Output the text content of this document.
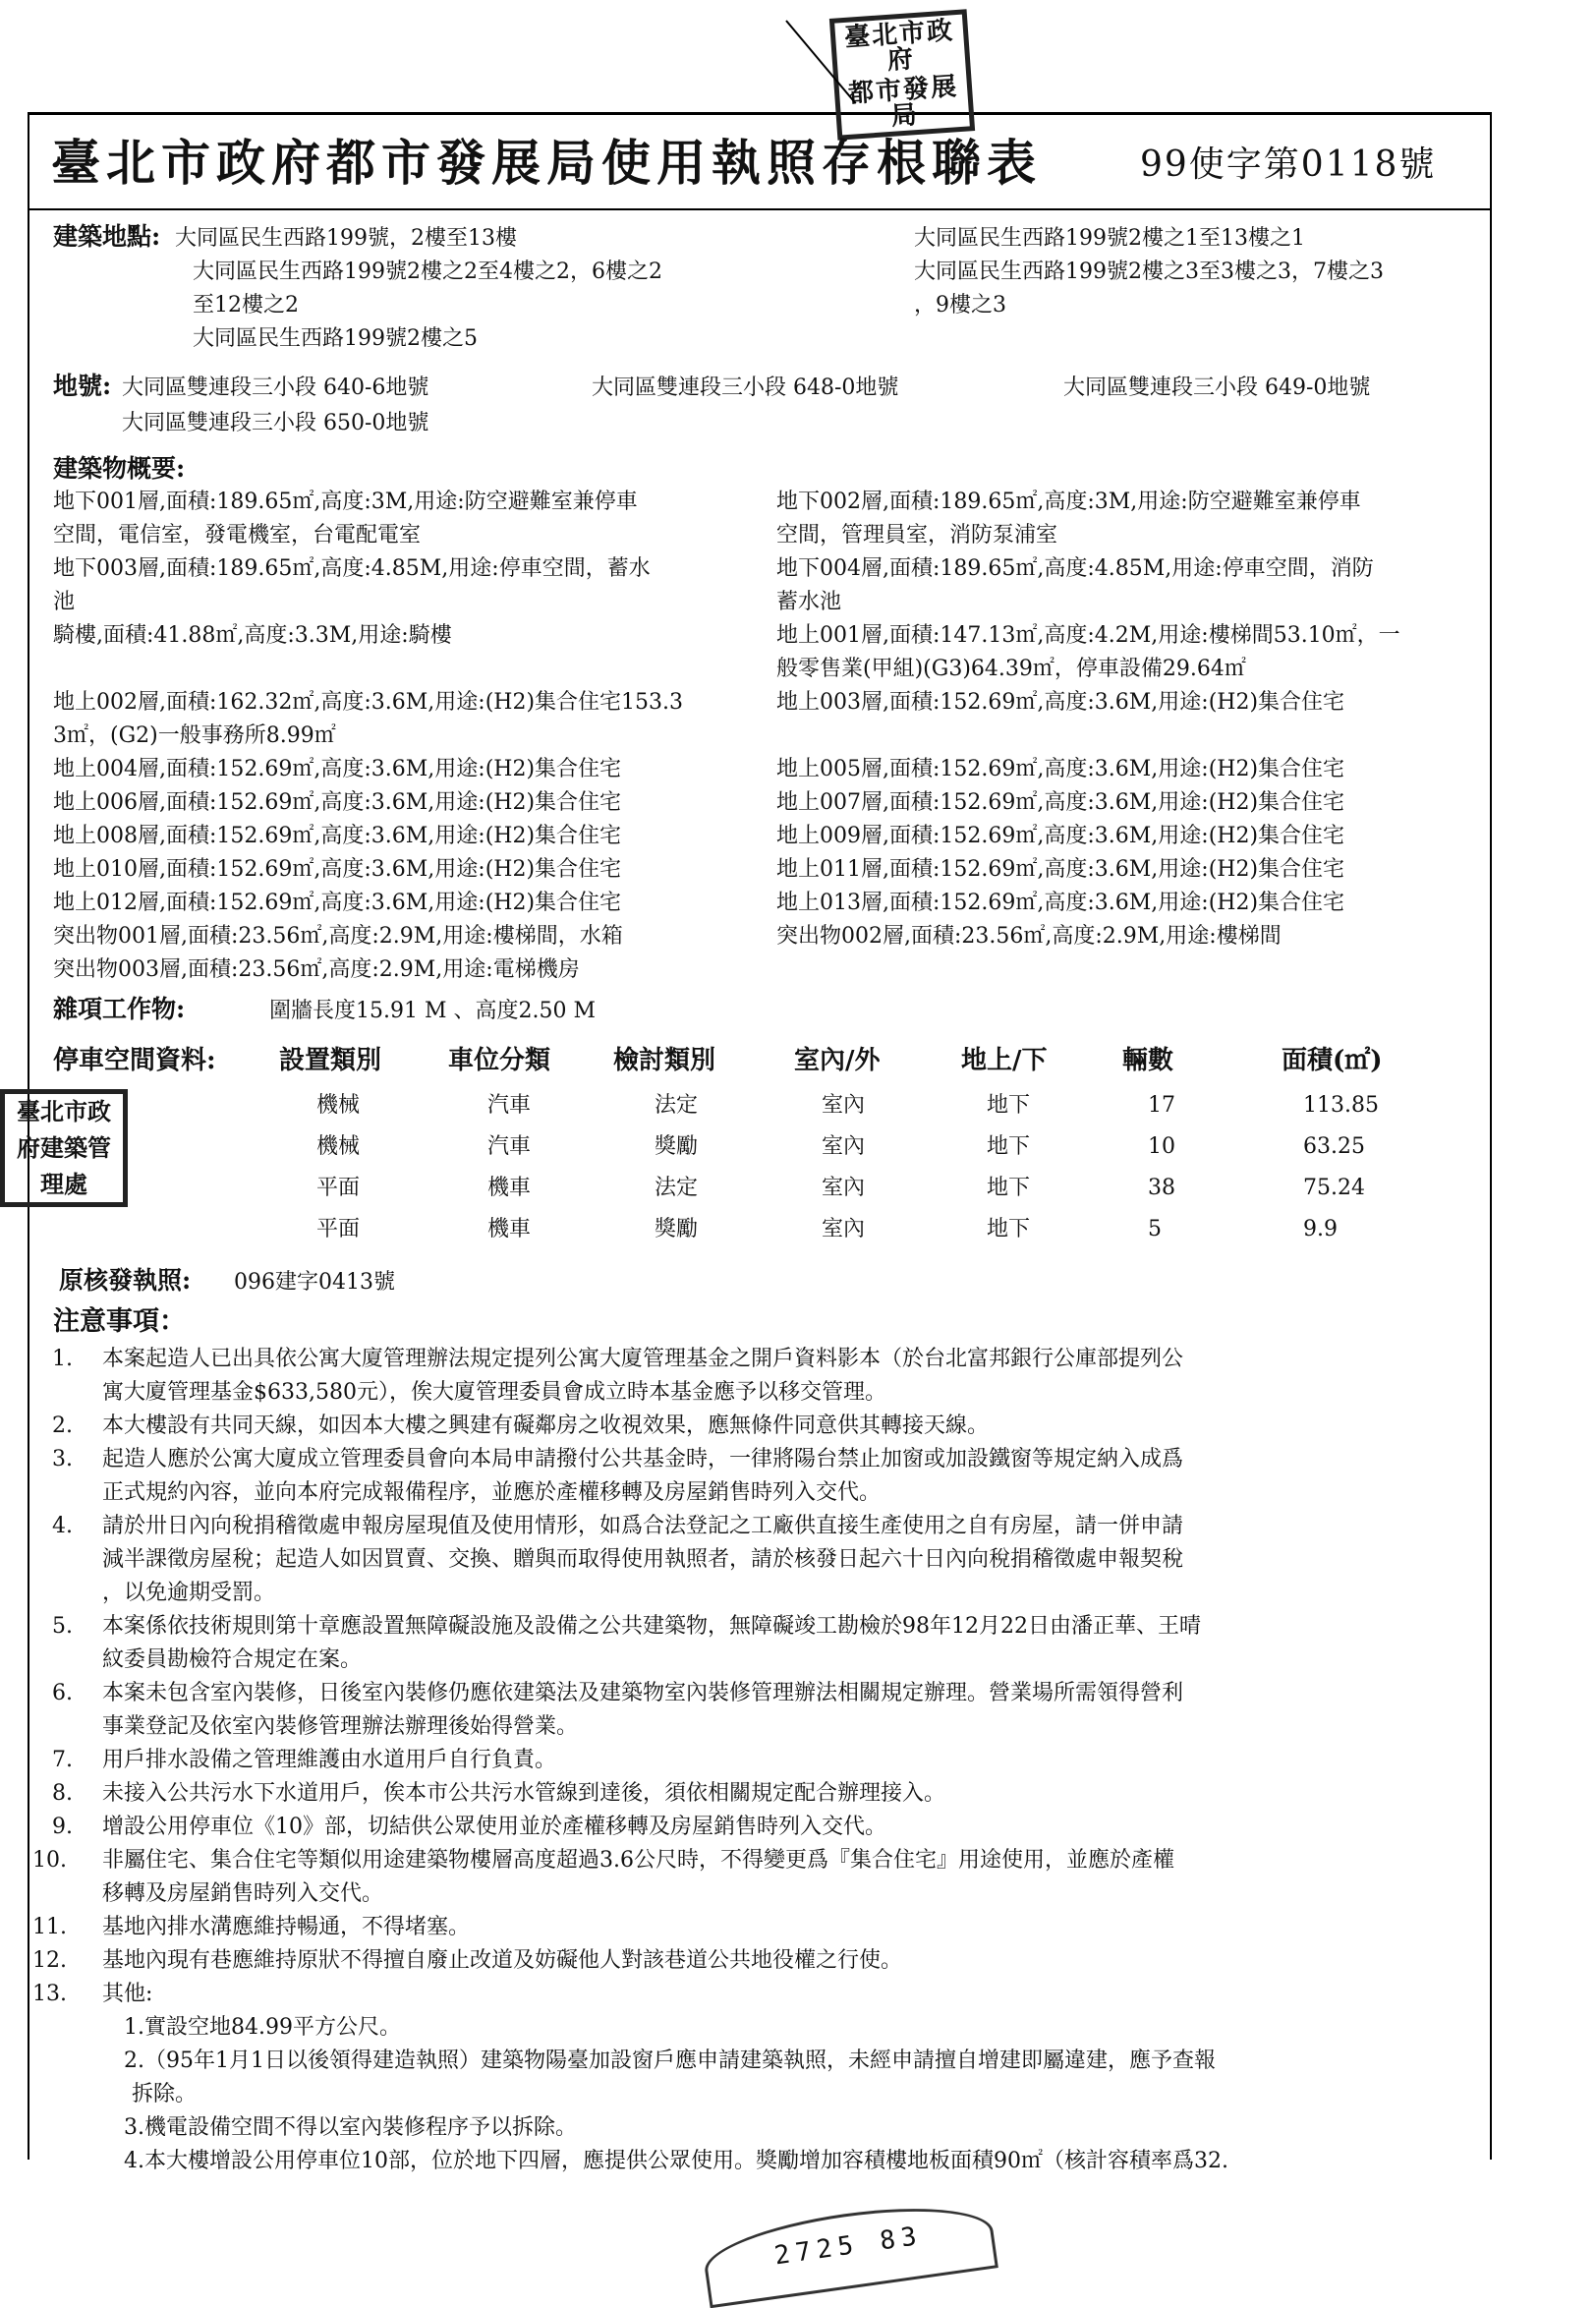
臺北市政府
都市發展局
臺北市政
府建築管
理處
臺北市政府都市發展局使用執照存根聯表	99使字第0118號
建築地點: 大同區民生西路199號，2樓至13樓
大同區民生西路199號2樓之2至4樓之2，6樓之2
至12樓之2
大同區民生西路199號2樓之5
大同區民生西路199號2樓之1至13樓之1
大同區民生西路199號2樓之3至3樓之3，7樓之3
，9樓之3
地號: 大同區雙連段三小段 640-6地號	大同區雙連段三小段 648-0地號	大同區雙連段三小段 649-0地號
大同區雙連段三小段 650-0地號
建築物概要:
地下001層,面積:189.65㎡,高度:3M,用途:防空避難室兼停車
空間，電信室，發電機室，台電配電室
地下003層,面積:189.65㎡,高度:4.85M,用途:停車空間，蓄水
池
騎樓,面積:41.88㎡,高度:3.3M,用途:騎樓
地上002層,面積:162.32㎡,高度:3.6M,用途:(H2)集合住宅153.3
3㎡，(G2)一般事務所8.99㎡
地上004層,面積:152.69㎡,高度:3.6M,用途:(H2)集合住宅
地上006層,面積:152.69㎡,高度:3.6M,用途:(H2)集合住宅
地上008層,面積:152.69㎡,高度:3.6M,用途:(H2)集合住宅
地上010層,面積:152.69㎡,高度:3.6M,用途:(H2)集合住宅
地上012層,面積:152.69㎡,高度:3.6M,用途:(H2)集合住宅
突出物001層,面積:23.56㎡,高度:2.9M,用途:樓梯間，水箱
突出物003層,面積:23.56㎡,高度:2.9M,用途:電梯機房
地下002層,面積:189.65㎡,高度:3M,用途:防空避難室兼停車
空間，管理員室，消防泵浦室
地下004層,面積:189.65㎡,高度:4.85M,用途:停車空間，消防
蓄水池
地上001層,面積:147.13㎡,高度:4.2M,用途:樓梯間53.10㎡，一
般零售業(甲組)(G3)64.39㎡，停車設備29.64㎡
地上003層,面積:152.69㎡,高度:3.6M,用途:(H2)集合住宅
地上005層,面積:152.69㎡,高度:3.6M,用途:(H2)集合住宅
地上007層,面積:152.69㎡,高度:3.6M,用途:(H2)集合住宅
地上009層,面積:152.69㎡,高度:3.6M,用途:(H2)集合住宅
地上011層,面積:152.69㎡,高度:3.6M,用途:(H2)集合住宅
地上013層,面積:152.69㎡,高度:3.6M,用途:(H2)集合住宅
突出物002層,面積:23.56㎡,高度:2.9M,用途:樓梯間
雜項工作物:	圍牆長度15.91 M 、高度2.50 M
停車空間資料: 設置類別	車位分類 檢討類別	室內/外	地上/下	輛數	面積(㎡)
機械	汽車	法定	室內	地下	17	113.85
機械	汽車	獎勵	室內	地下	10	63.25
平面	機車	法定	室內	地下	38	75.24
平面	機車	獎勵	室內	地下	5	9.9
原核發執照: 096建字0413號
注意事項：
1. 本案起造人已出具依公寓大廈管理辦法規定提列公寓大廈管理基金之開戶資料影本（於台北富邦銀行公庫部提列公
寓大廈管理基金$633,580元），俟大廈管理委員會成立時本基金應予以移交管理。
2. 本大樓設有共同天線，如因本大樓之興建有礙鄰房之收視效果，應無條件同意供其轉接天線。
3. 起造人應於公寓大廈成立管理委員會向本局申請撥付公共基金時，一律將陽台禁止加窗或加設鐵窗等規定納入成爲
正式規約內容，並向本府完成報備程序，並應於產權移轉及房屋銷售時列入交代。
4. 請於卅日內向稅捐稽徵處申報房屋現值及使用情形，如爲合法登記之工廠供直接生產使用之自有房屋，請一併申請
減半課徵房屋稅；起造人如因買賣、交換、贈與而取得使用執照者，請於核發日起六十日內向稅捐稽徵處申報契稅
，以免逾期受罰。
5. 本案係依技術規則第十章應設置無障礙設施及設備之公共建築物，無障礙竣工勘檢於98年12月22日由潘正華、王晴
紋委員勘檢符合規定在案。
6. 本案未包含室內裝修，日後室內裝修仍應依建築法及建築物室內裝修管理辦法相關規定辦理。營業場所需領得營利
事業登記及依室內裝修管理辦法辦理後始得營業。
7. 用戶排水設備之管理維護由水道用戶自行負責。
8. 未接入公共污水下水道用戶，俟本市公共污水管線到達後，須依相關規定配合辦理接入。
9. 增設公用停車位《10》部，切結供公眾使用並於產權移轉及房屋銷售時列入交代。
10. 非屬住宅、集合住宅等類似用途建築物樓層高度超過3.6公尺時，不得變更爲『集合住宅』用途使用，並應於產權
移轉及房屋銷售時列入交代。
11. 基地內排水溝應維持暢通，不得堵塞。
12. 基地內現有巷應維持原狀不得擅自廢止改道及妨礙他人對該巷道公共地役權之行使。
13. 其他:
1.實設空地84.99平方公尺。
2.（95年1月1日以後領得建造執照）建築物陽臺加設窗戶應申請建築執照，未經申請擅自增建即屬違建，應予查報
拆除。
3.機電設備空間不得以室內裝修程序予以拆除。
4.本大樓增設公用停車位10部，位於地下四層，應提供公眾使用。獎勵增加容積樓地板面積90㎡（核計容積率爲32.
2725 83
